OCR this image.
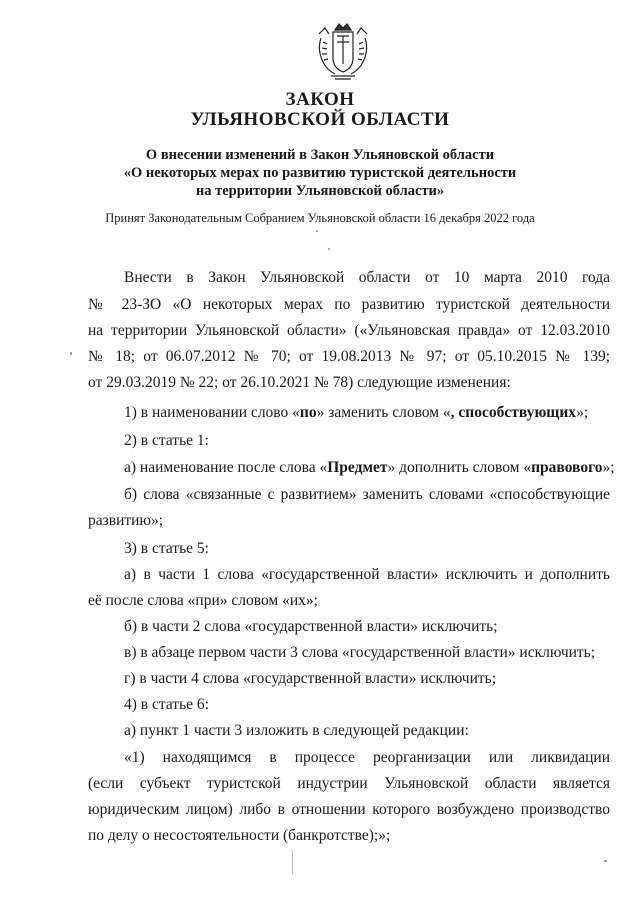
ЗАКОН
УЛЬЯНОВСКОЙ ОБЛАСТИ
О внесении изменений в Закон Ульяновской области
«О некоторых мерах по развитию туристской деятельности
на территории Ульяновской области»
Принят Законодательным Собранием Ульяновской области 16 декабря 2022 года
Внести в Закон Ульяновской области от 10 марта 2010 года
№ 23-ЗО «О некоторых мерах по развитию туристской деятельности
на территории Ульяновской области» («Ульяновская правда» от 12.03.2010
№ 18; от 06.07.2012 № 70; от 19.08.2013 № 97; от 05.10.2015 № 139;
от 29.03.2019 № 22; от 26.10.2021 № 78) следующие изменения:
1) в наименовании слово «по» заменить словом «, способствующих»;
2) в статье 1:
а) наименование после слова «Предмет» дополнить словом «правового»;
б) слова «связанные с развитием» заменить словами «способствующие
развитию»;
3) в статье 5:
а) в части 1 слова «государственной власти» исключить и дополнить
её после слова «при» словом «их»;
б) в части 2 слова «государственной власти» исключить;
в) в абзаце первом части 3 слова «государственной власти» исключить;
г) в части 4 слова «государственной власти» исключить;
4) в статье 6:
а) пункт 1 части 3 изложить в следующей редакции:
«1) находящимся в процессе реорганизации или ликвидации
(если субъект туристской индустрии Ульяновской области является
юридическим лицом) либо в отношении которого возбуждено производство
по делу о несостоятельности (банкротстве);»;
